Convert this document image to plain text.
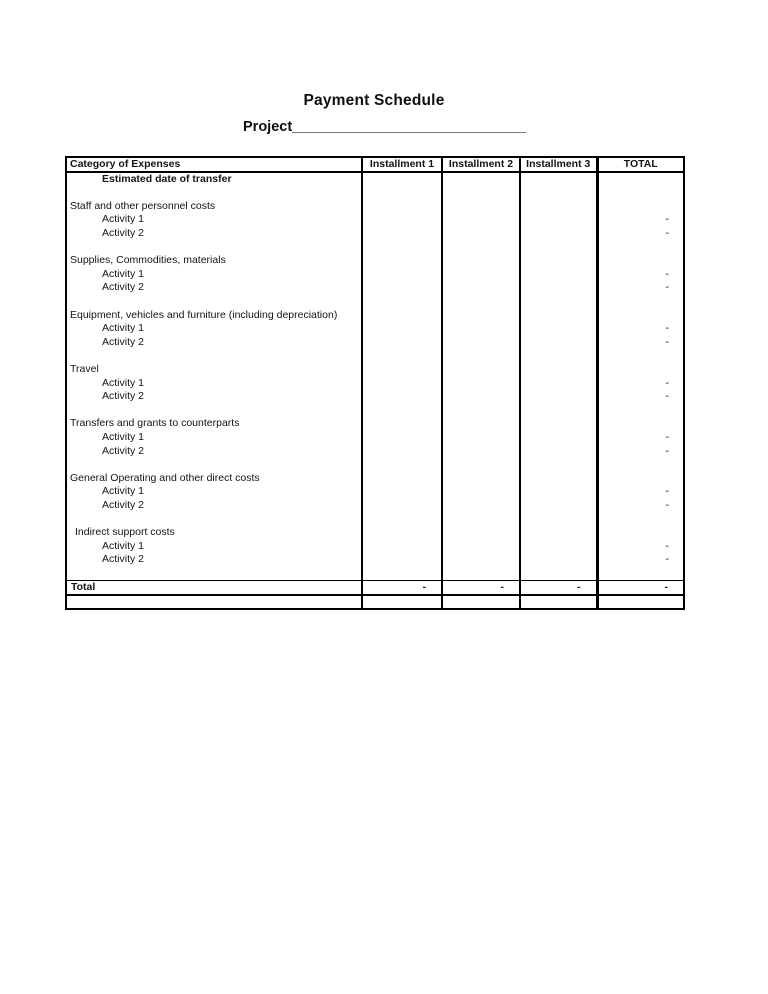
Payment Schedule
Project_____________________________
Category of Expenses	Installment 1	Installment 2	Installment 3	TOTAL
Estimated date of transfer				

Staff and other personnel costs				
Activity 1				-
Activity 2				-

Supplies, Commodities, materials				
Activity 1				-
Activity 2				-

Equipment, vehicles and furniture (including depreciation)				
Activity 1				-
Activity 2				-

Travel				
Activity 1				-
Activity 2				-

Transfers and grants to counterparts				
Activity 1				-
Activity 2				-

General Operating and other direct costs				
Activity 1				-
Activity 2				-

Indirect support costs				
Activity 1				-
Activity 2				-

Total	-	-	-	-
